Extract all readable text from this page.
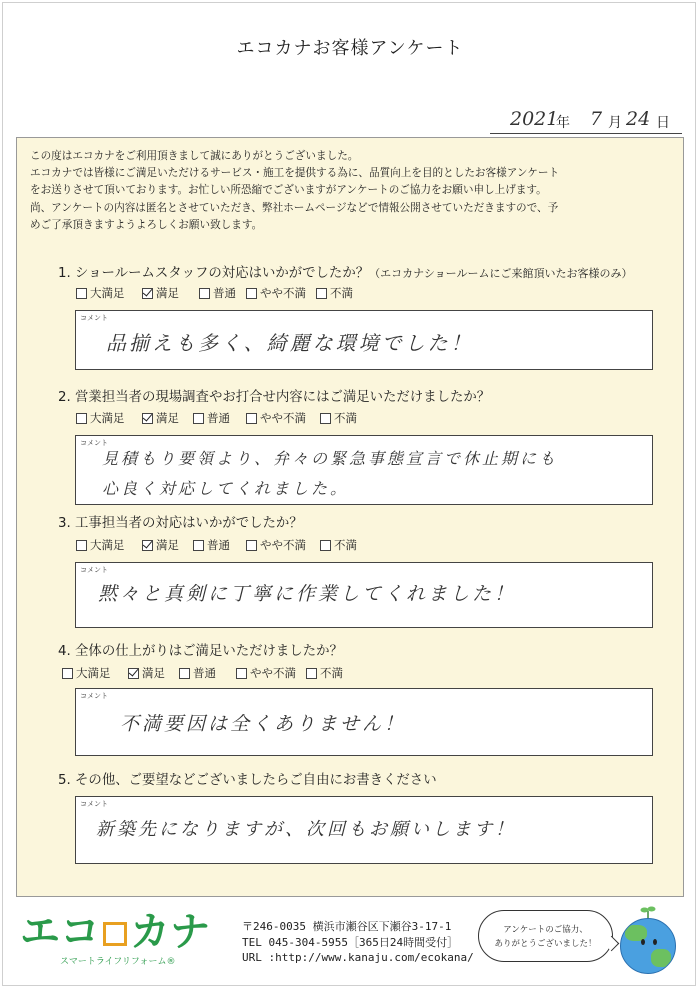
エコカナお客様アンケート
2021
年 7 月 24 日
この度はエコカナをご利用頂きまして誠にありがとうございました。
エコカナでは皆様にご満足いただけるサービス・施工を提供する為に、品質向上を目的としたお客様アンケート
をお送りさせて頂いております。お忙しい所恐縮でございますがアンケートのご協力をお願い申し上げます。
尚、アンケートの内容は匿名とさせていただき、弊社ホームページなどで情報公開させていただきますので、予
めご了承頂きますようよろしくお願い致します。
1. ショールームスタッフの対応はいかがでしたか？（エコカナショールームにご来館頂いたお客様のみ）
大満足	満足	普通 やや不満 不満
コメント
品揃えも多く、綺麗な環境でした！
2. 営業担当者の現場調査やお打合せ内容にはご満足いただけましたか？
大満足	満足 普通	やや不満 不満
コメント
見積もり要領より、弁々の緊急事態宣言で休止期にも
心良く対応してくれました。
3. 工事担当者の対応はいかがでしたか？
大満足	満足 普通	やや不満 不満
コメント
黙々と真剣に丁寧に作業してくれました！
4. 全体の仕上がりはご満足いただけましたか？
大満足	満足 普通	やや不満 不満
コメント
不満要因は全くありません！
5. その他、ご要望などございましたらご自由にお書きください
コメント
新築先になりますが、次回もお願いします！
エコ カナ
スマートライフリフォーム®
〒246-0035 横浜市瀬谷区下瀬谷3-17-1
TEL 045-304-5955［365日24時間受付］
URL :http://www.kanaju.com/ecokana/
アンケートのご協力、
ありがとうございました！
